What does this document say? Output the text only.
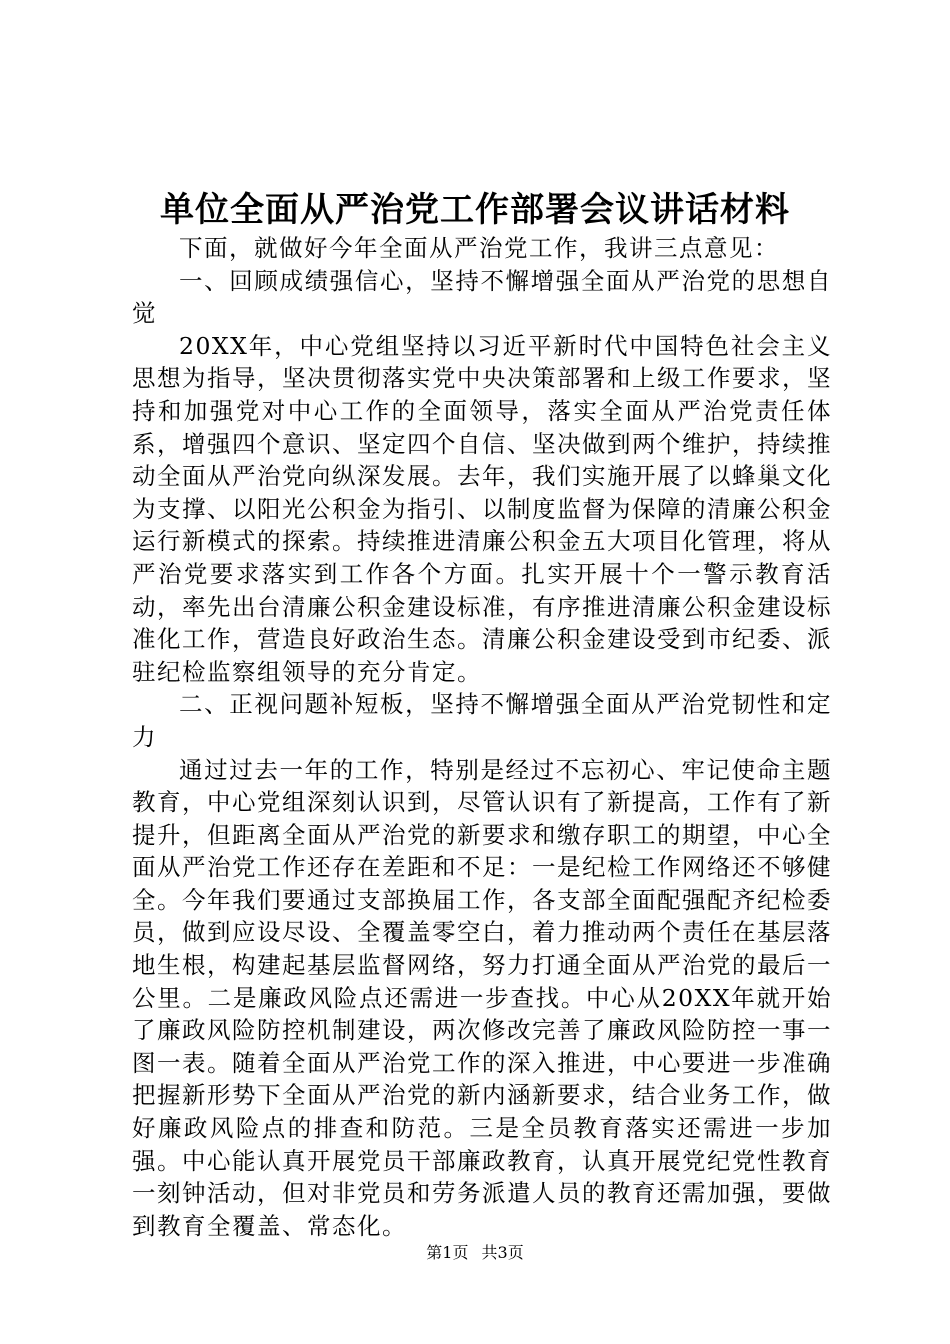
单位全面从严治党工作部署会议讲话材料

下面，就做好今年全面从严治党工作，我讲三点意见：

一、回顾成绩强信心，坚持不懈增强全面从严治党的思想自觉

20XX年，中心党组坚持以习近平新时代中国特色社会主义思想为指导，坚决贯彻落实党中央决策部署和上级工作要求，坚持和加强党对中心工作的全面领导，落实全面从严治党责任体系，增强四个意识、坚定四个自信、坚决做到两个维护，持续推动全面从严治党向纵深发展。去年，我们实施开展了以蜂巢文化为支撑、以阳光公积金为指引、以制度监督为保障的清廉公积金运行新模式的探索。持续推进清廉公积金五大项目化管理，将从严治党要求落实到工作各个方面。扎实开展十个一警示教育活动，率先出台清廉公积金建设标准，有序推进清廉公积金建设标准化工作，营造良好政治生态。清廉公积金建设受到市纪委、派驻纪检监察组领导的充分肯定。

二、正视问题补短板，坚持不懈增强全面从严治党韧性和定力

通过过去一年的工作，特别是经过不忘初心、牢记使命主题教育，中心党组深刻认识到，尽管认识有了新提高，工作有了新提升，但距离全面从严治党的新要求和缴存职工的期望，中心全面从严治党工作还存在差距和不足：一是纪检工作网络还不够健全。今年我们要通过支部换届工作，各支部全面配强配齐纪检委员，做到应设尽设、全覆盖零空白，着力推动两个责任在基层落地生根，构建起基层监督网络，努力打通全面从严治党的最后一公里。二是廉政风险点还需进一步查找。中心从20XX年就开始了廉政风险防控机制建设，两次修改完善了廉政风险防控一事一图一表。随着全面从严治党工作的深入推进，中心要进一步准确把握新形势下全面从严治党的新内涵新要求，结合业务工作，做好廉政风险点的排查和防范。三是全员教育落实还需进一步加强。中心能认真开展党员干部廉政教育，认真开展党纪党性教育一刻钟活动，但对非党员和劳务派遣人员的教育还需加强，要做到教育全覆盖、常态化。

第1页 共3页
